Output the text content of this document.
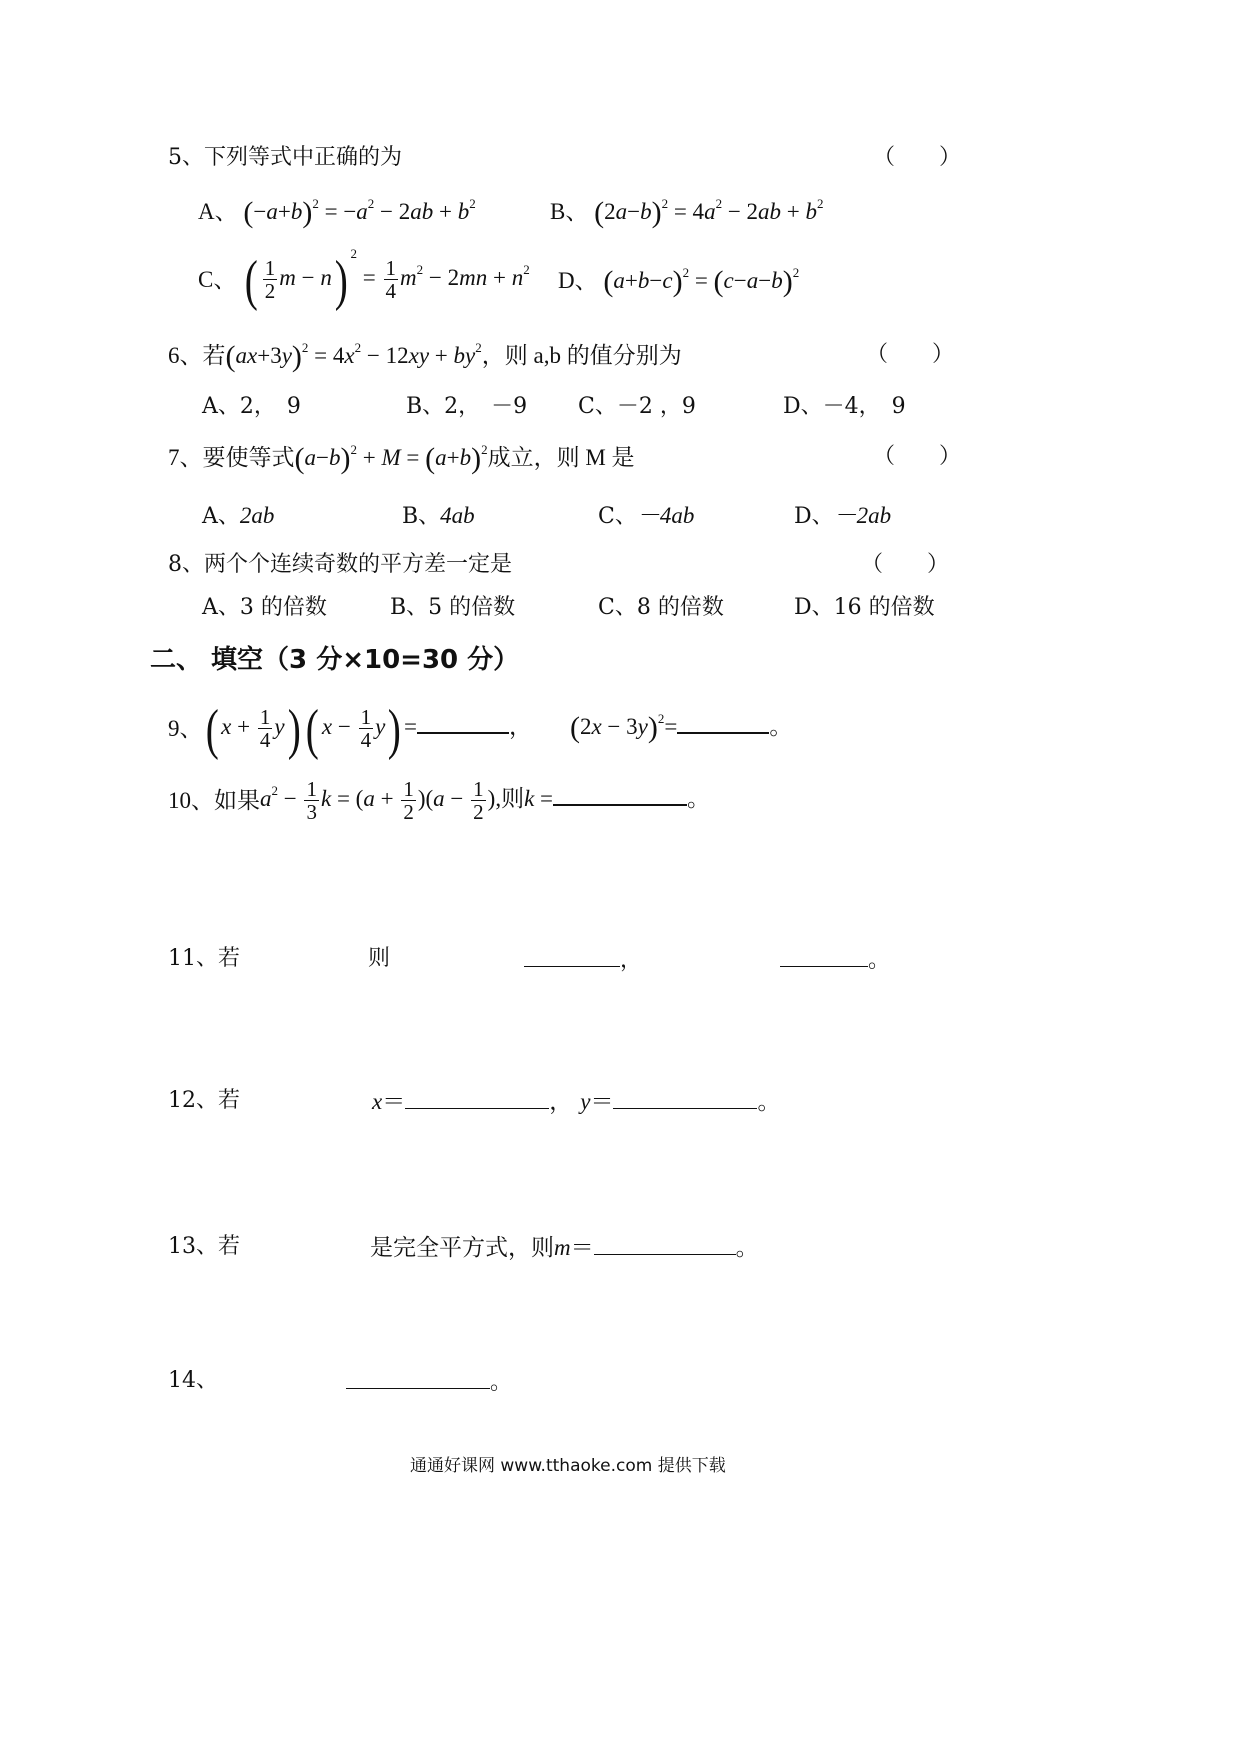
5、下列等式中正确的为	（　　）
A、 $(-a+b)^2 = -a^2 - 2ab + b^2$	B、 $(2a-b)^2 = 4a^2 - 2ab + b^2$
C、 ( $\frac{1}{2}$ m − n) $^2 = \frac{1}{4} m^2 - 2mn + n^2$ D、 $(a+b-c)^2 = (c-a-b)^2$
6、若$(ax+3y)^2 = 4x^2 - 12xy + by^2$，则 a,b 的值分别为	（　　）
A、2，　9	B、2，　－9 C、－2 ，9	D、－4，　9
7、要使等式$(a-b)^2 + M = (a+b)^2$成立，则 M 是	（　　）
A、2ab	B、4ab	C、－4ab	D、－2ab
8、两个个连续奇数的平方差一定是	（　　）
A、3 的倍数	B、5 的倍数	C、8 的倍数	D、16 的倍数
二、 填空（3 分×10=30 分）
9、( $x + \frac{1}{4} y$)( $x - \frac{1}{4} y$) =	， $(2x - 3y)^2=$	。
10、如果$a^2 - \frac{1}{3}$ $k = (a + \frac{1}{2} )(a - \frac{1}{2}$ ),则k =	。
11、若	则	，	。
12、若	x＝	， y＝	。
13、若	是完全平方式，则m＝	。
14、	。
通通好课网 www.tthaoke.com 提供下载
